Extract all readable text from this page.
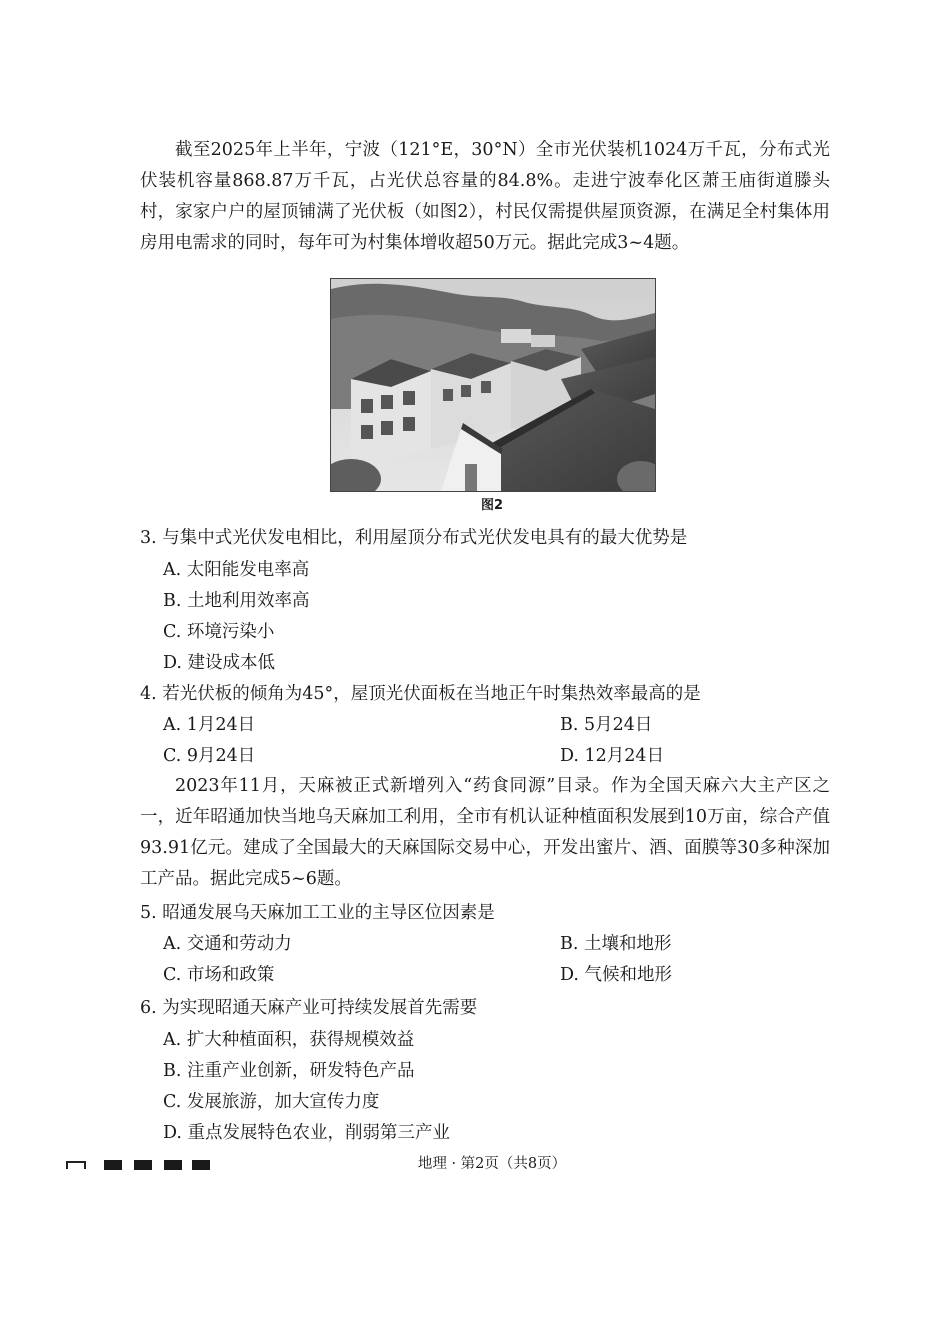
截至2025年上半年，宁波（121°E，30°N）全市光伏装机1024万千瓦，分布式光伏装机容量868.87万千瓦，占光伏总容量的84.8%。走进宁波奉化区萧王庙街道滕头村，家家户户的屋顶铺满了光伏板（如图2），村民仅需提供屋顶资源，在满足全村集体用房用电需求的同时，每年可为村集体增收超50万元。据此完成3~4题。

图2

3. 与集中式光伏发电相比，利用屋顶分布式光伏发电具有的最大优势是

A. 太阳能发电率高

B. 土地利用效率高

C. 环境污染小

D. 建设成本低

4. 若光伏板的倾角为45°，屋顶光伏面板在当地正午时集热效率最高的是

A. 1月24日	B. 5月24日

C. 9月24日	D. 12月24日

2023年11月，天麻被正式新增列入“药食同源”目录。作为全国天麻六大主产区之一，近年昭通加快当地乌天麻加工利用，全市有机认证种植面积发展到10万亩，综合产值93.91亿元。建成了全国最大的天麻国际交易中心，开发出蜜片、酒、面膜等30多种深加工产品。据此完成5~6题。

5. 昭通发展乌天麻加工工业的主导区位因素是

A. 交通和劳动力	B. 土壤和地形

C. 市场和政策	D. 气候和地形

6. 为实现昭通天麻产业可持续发展首先需要

A. 扩大种植面积，获得规模效益

B. 注重产业创新，研发特色产品

C. 发展旅游，加大宣传力度

D. 重点发展特色农业，削弱第三产业

地理 · 第2页（共8页）
